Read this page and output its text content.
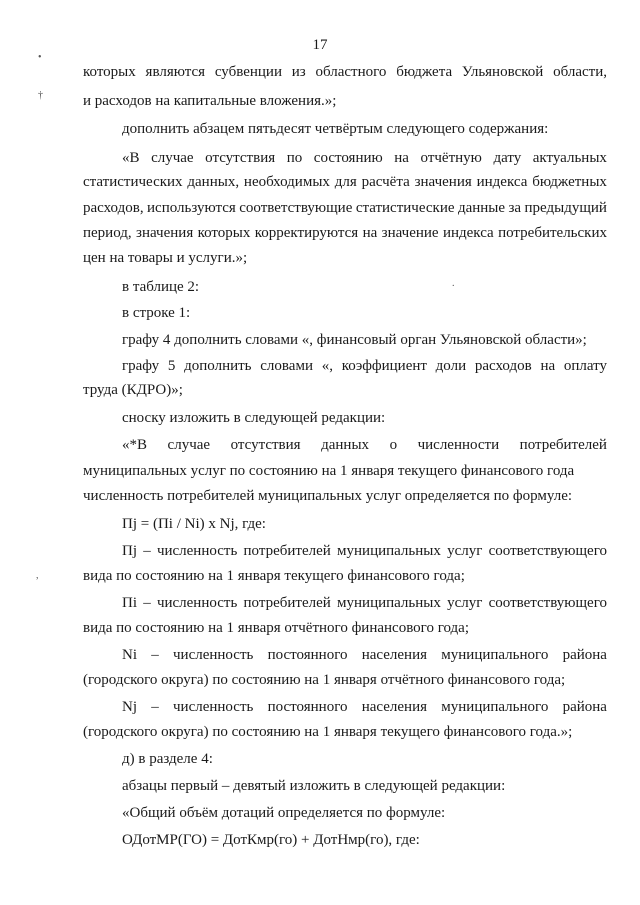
•
†
,
.
17
которых являются субвенции из областного бюджета Ульяновской области,
и расходов на капитальные вложения.»;
дополнить абзацем пятьдесят четвёртым следующего содержания:
«В случае отсутствия по состоянию на отчётную дату актуальных
статистических данных, необходимых для расчёта значения индекса бюджетных
расходов, используются соответствующие статистические данные за предыдущий
период, значения которых корректируются на значение индекса потребительских
цен на товары и услуги.»;
в таблице 2:
в строке 1:
графу 4 дополнить словами «, финансовый орган Ульяновской области»;
графу 5 дополнить словами «, коэффициент доли расходов на оплату
труда (КДРО)»;
сноску изложить в следующей редакции:
«*В случае отсутствия данных о численности потребителей
муниципальных услуг по состоянию на 1 января текущего финансового года
численность потребителей муниципальных услуг определяется по формуле:
Пj = (Пi / Ni) x Nj, где:
Пj – численность потребителей муниципальных услуг соответствующего
вида по состоянию на 1 января текущего финансового года;
Пi – численность потребителей муниципальных услуг соответствующего
вида по состоянию на 1 января отчётного финансового года;
Ni – численность постоянного населения муниципального района
(городского округа) по состоянию на 1 января отчётного финансового года;
Nj – численность постоянного населения муниципального района
(городского округа) по состоянию на 1 января текущего финансового года.»;
д) в разделе 4:
абзацы первый – девятый изложить в следующей редакции:
«Общий объём дотаций определяется по формуле:
ОДотМР(ГО) = ДотКмр(го) + ДотНмр(го), где:
